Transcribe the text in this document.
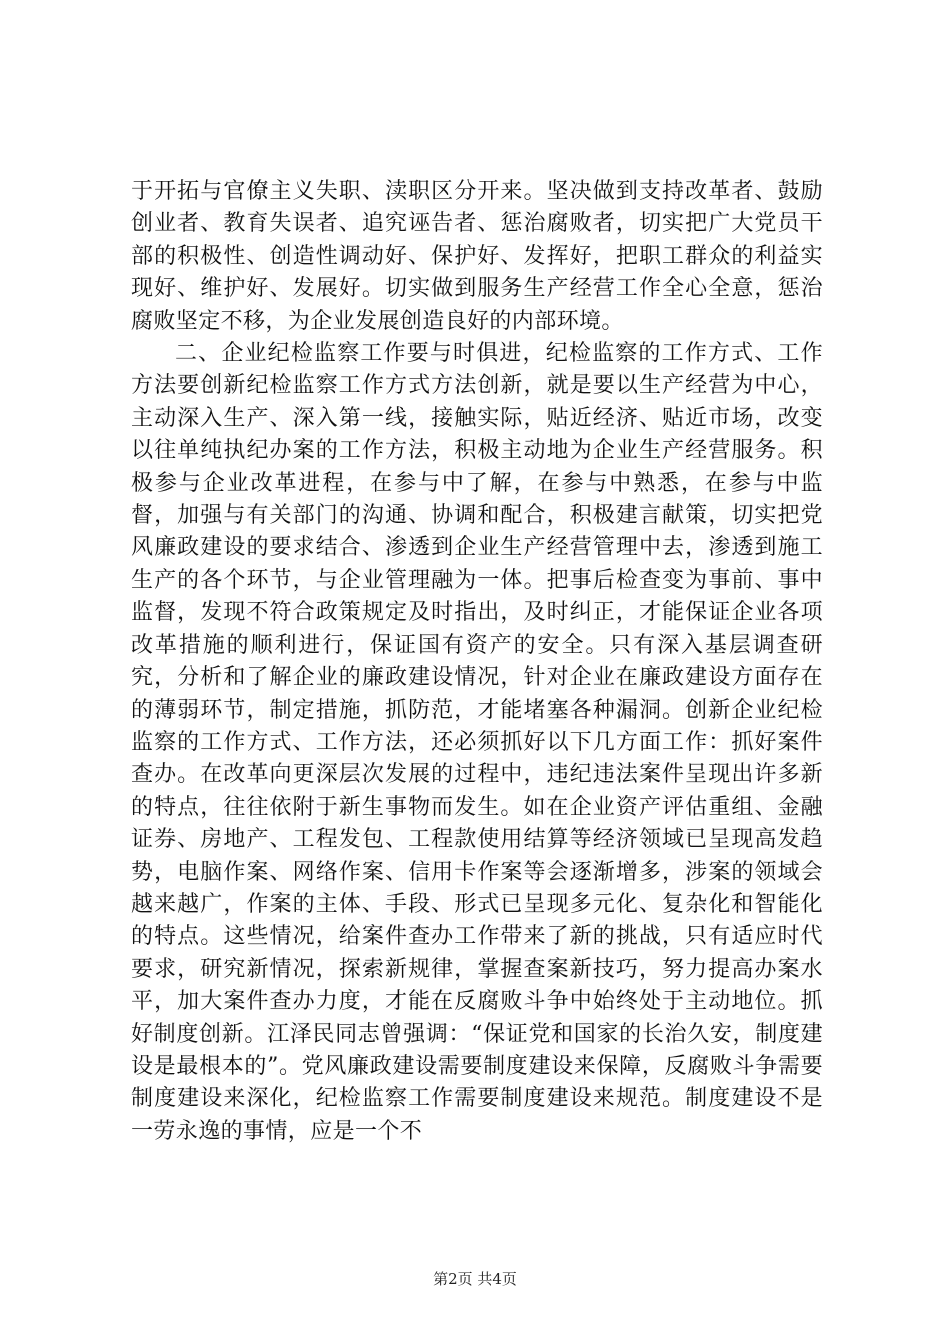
于开拓与官僚主义失职、渎职区分开来。坚决做到支持改革者、鼓励创业者、教育失误者、追究诬告者、惩治腐败者，切实把广大党员干部的积极性、创造性调动好、保护好、发挥好，把职工群众的利益实现好、维护好、发展好。切实做到服务生产经营工作全心全意，惩治腐败坚定不移，为企业发展创造良好的内部环境。

二、企业纪检监察工作要与时俱进，纪检监察的工作方式、工作方法要创新纪检监察工作方式方法创新，就是要以生产经营为中心，主动深入生产、深入第一线，接触实际，贴近经济、贴近市场，改变以往单纯执纪办案的工作方法，积极主动地为企业生产经营服务。积极参与企业改革进程，在参与中了解，在参与中熟悉，在参与中监督，加强与有关部门的沟通、协调和配合，积极建言献策，切实把党风廉政建设的要求结合、渗透到企业生产经营管理中去，渗透到施工生产的各个环节，与企业管理融为一体。把事后检查变为事前、事中监督，发现不符合政策规定及时指出，及时纠正，才能保证企业各项改革措施的顺利进行，保证国有资产的安全。只有深入基层调查研究，分析和了解企业的廉政建设情况，针对企业在廉政建设方面存在的薄弱环节，制定措施，抓防范，才能堵塞各种漏洞。创新企业纪检监察的工作方式、工作方法，还必须抓好以下几方面工作：抓好案件查办。在改革向更深层次发展的过程中，违纪违法案件呈现出许多新的特点，往往依附于新生事物而发生。如在企业资产评估重组、金融证券、房地产、工程发包、工程款使用结算等经济领域已呈现高发趋势，电脑作案、网络作案、信用卡作案等会逐渐增多，涉案的领域会越来越广，作案的主体、手段、形式已呈现多元化、复杂化和智能化的特点。这些情况，给案件查办工作带来了新的挑战，只有适应时代要求，研究新情况，探索新规律，掌握查案新技巧，努力提高办案水平，加大案件查办力度，才能在反腐败斗争中始终处于主动地位。抓好制度创新。江泽民同志曾强调：“保证党和国家的长治久安，制度建设是最根本的”。党风廉政建设需要制度建设来保障，反腐败斗争需要制度建设来深化，纪检监察工作需要制度建设来规范。制度建设不是一劳永逸的事情，应是一个不

第2页 共4页
